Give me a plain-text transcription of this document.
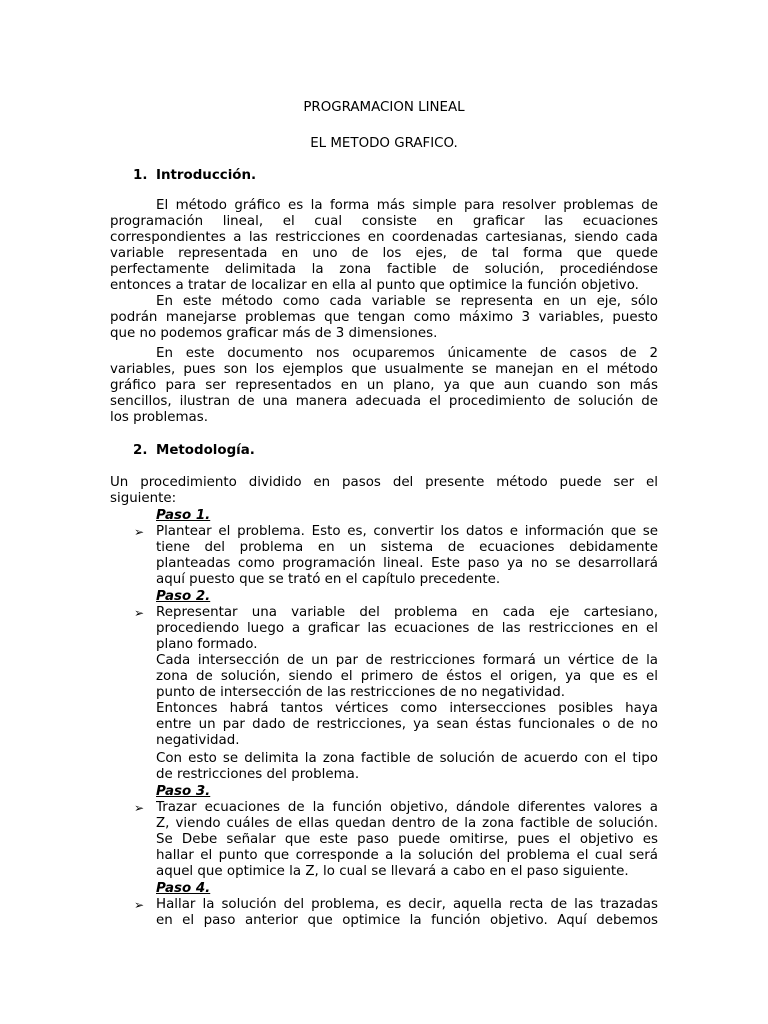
PROGRAMACION LINEAL
EL METODO GRAFICO.
1. Introducción.
El método gráfico es la forma más simple para resolver problemas de
programación lineal, el cual consiste en graficar las ecuaciones
correspondientes a las restricciones en coordenadas cartesianas, siendo cada
variable representada en uno de los ejes, de tal forma que quede
perfectamente delimitada la zona factible de solución, procediéndose
entonces a tratar de localizar en ella al punto que optimice la función objetivo.
En este método como cada variable se representa en un eje, sólo
podrán manejarse problemas que tengan como máximo 3 variables, puesto
que no podemos graficar más de 3 dimensiones.
En este documento nos ocuparemos únicamente de casos de 2
variables, pues son los ejemplos que usualmente se manejan en el método
gráfico para ser representados en un plano, ya que aun cuando son más
sencillos, ilustran de una manera adecuada el procedimiento de solución de
los problemas.
2. Metodología.
Un procedimiento dividido en pasos del presente método puede ser el
siguiente:
Paso 1.
➢ Plantear el problema. Esto es, convertir los datos e información que se
tiene del problema en un sistema de ecuaciones debidamente
planteadas como programación lineal. Este paso ya no se desarrollará
aquí puesto que se trató en el capítulo precedente.
Paso 2.
➢ Representar una variable del problema en cada eje cartesiano,
procediendo luego a graficar las ecuaciones de las restricciones en el
plano formado.
Cada intersección de un par de restricciones formará un vértice de la
zona de solución, siendo el primero de éstos el origen, ya que es el
punto de intersección de las restricciones de no negatividad.
Entonces habrá tantos vértices como intersecciones posibles haya
entre un par dado de restricciones, ya sean éstas funcionales o de no
negatividad.
Con esto se delimita la zona factible de solución de acuerdo con el tipo
de restricciones del problema.
Paso 3.
➢ Trazar ecuaciones de la función objetivo, dándole diferentes valores a
Z, viendo cuáles de ellas quedan dentro de la zona factible de solución.
Se Debe señalar que este paso puede omitirse, pues el objetivo es
hallar el punto que corresponde a la solución del problema el cual será
aquel que optimice la Z, lo cual se llevará a cabo en el paso siguiente.
Paso 4.
➢ Hallar la solución del problema, es decir, aquella recta de las trazadas
en el paso anterior que optimice la función objetivo. Aquí debemos
